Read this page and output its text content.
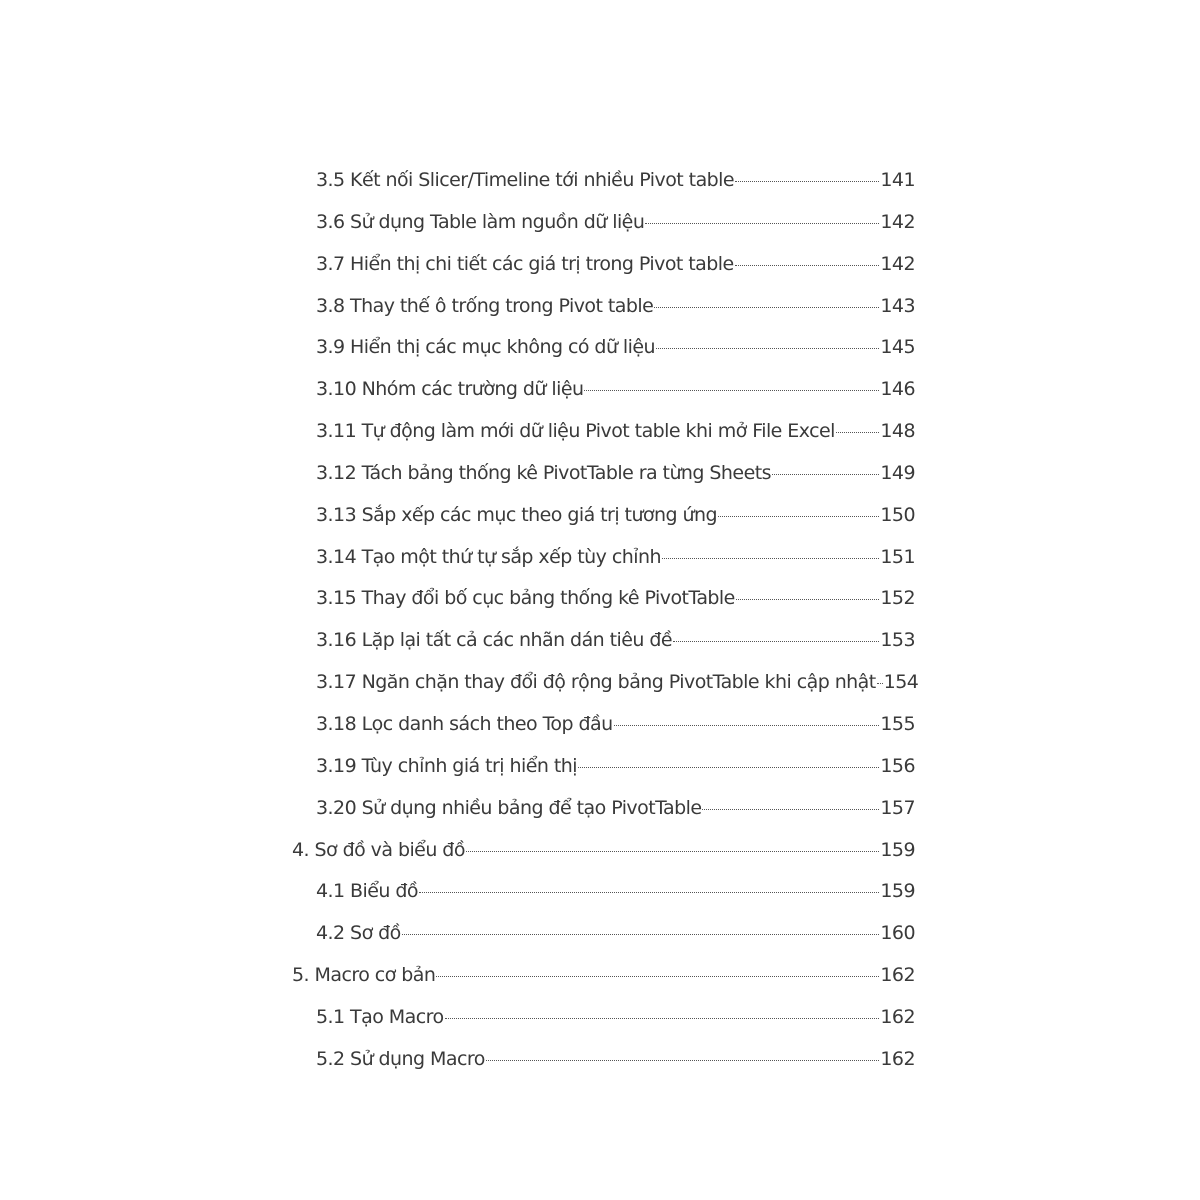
3.5 Kết nối Slicer/Timeline tới nhiều Pivot table	141
3.6 Sử dụng Table làm nguồn dữ liệu	142
3.7 Hiển thị chi tiết các giá trị trong Pivot table	142
3.8 Thay thế ô trống trong Pivot table	143
3.9 Hiển thị các mục không có dữ liệu	145
3.10 Nhóm các trường dữ liệu	146
3.11 Tự động làm mới dữ liệu Pivot table khi mở File Excel 148
3.12 Tách bảng thống kê PivotTable ra từng Sheets	149
3.13 Sắp xếp các mục theo giá trị tương ứng	150
3.14 Tạo một thứ tự sắp xếp tùy chỉnh	151
3.15 Thay đổi bố cục bảng thống kê PivotTable	152
3.16 Lặp lại tất cả các nhãn dán tiêu đề	153
3.17 Ngăn chặn thay đổi độ rộng bảng PivotTable khi cập nhật 154
3.18 Lọc danh sách theo Top đầu	155
3.19 Tùy chỉnh giá trị hiển thị	156
3.20 Sử dụng nhiều bảng để tạo PivotTable	157
4. Sơ đồ và biểu đồ	159
4.1 Biểu đồ	159
4.2 Sơ đồ	160
5. Macro cơ bản	162
5.1 Tạo Macro	162
5.2 Sử dụng Macro	162
